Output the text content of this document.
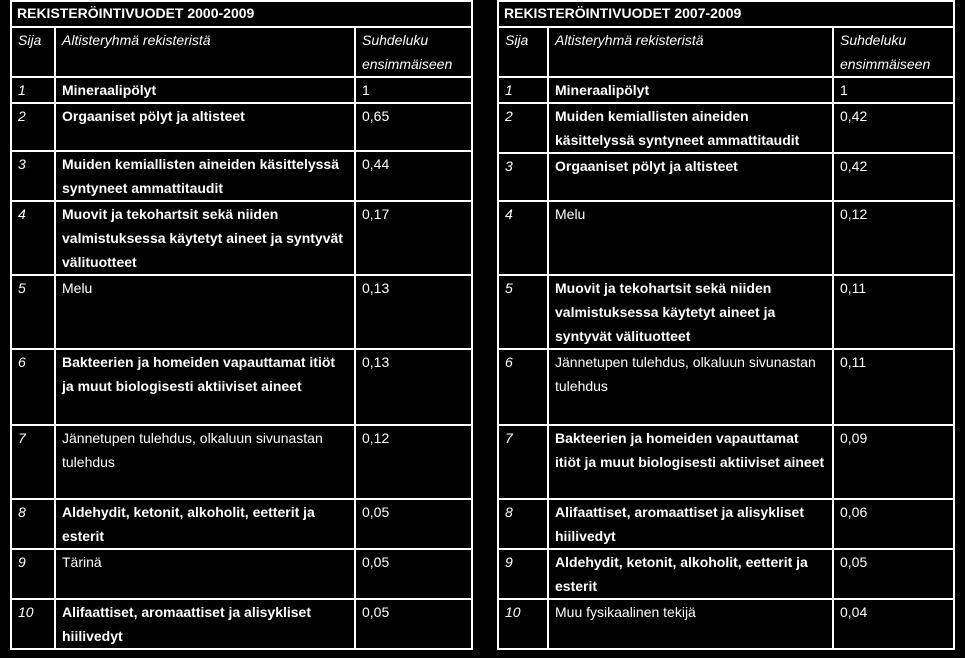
REKISTERÖINTIVUODET 2000-2009		
Sija	Altisteryhmä rekisteristä	Suhdeluku ensimmäiseen
1	Mineraalipölyt	1
2	Orgaaniset pölyt ja altisteet	0,65
3	Muiden kemiallisten aineiden käsittelyssä syntyneet ammattitaudit	0,44
4	Muovit ja tekohartsit sekä niiden valmistuksessa käytetyt aineet ja syntyvät välituotteet	0,17
5	Melu	0,13
6	Bakteerien ja homeiden vapauttamat itiöt ja muut biologisesti aktiiviset aineet	0,13
7	Jännetupen tulehdus, olkaluun sivunastan tulehdus	0,12
8	Aldehydit, ketonit, alkoholit, eetterit ja esterit	0,05
9	Tärinä	0,05
10	Alifaattiset, aromaattiset ja alisykliset hiilivedyt	0,05
REKISTERÖINTIVUODET 2007-2009		
Sija	Altisteryhmä rekisteristä	Suhdeluku ensimmäiseen
1	Mineraalipölyt	1
2	Muiden kemiallisten aineiden käsittelyssä syntyneet ammattitaudit	0,42
3	Orgaaniset pölyt ja altisteet	0,42
4	Melu	0,12
5	Muovit ja tekohartsit sekä niiden valmistuksessa käytetyt aineet ja syntyvät välituotteet	0,11
6	Jännetupen tulehdus, olkaluun sivunastan tulehdus	0,11
7	Bakteerien ja homeiden vapauttamat itiöt ja muut biologisesti aktiiviset aineet	0,09
8	Alifaattiset, aromaattiset ja alisykliset hiilivedyt	0,06
9	Aldehydit, ketonit, alkoholit, eetterit ja esterit	0,05
10	Muu fysikaalinen tekijä	0,04
